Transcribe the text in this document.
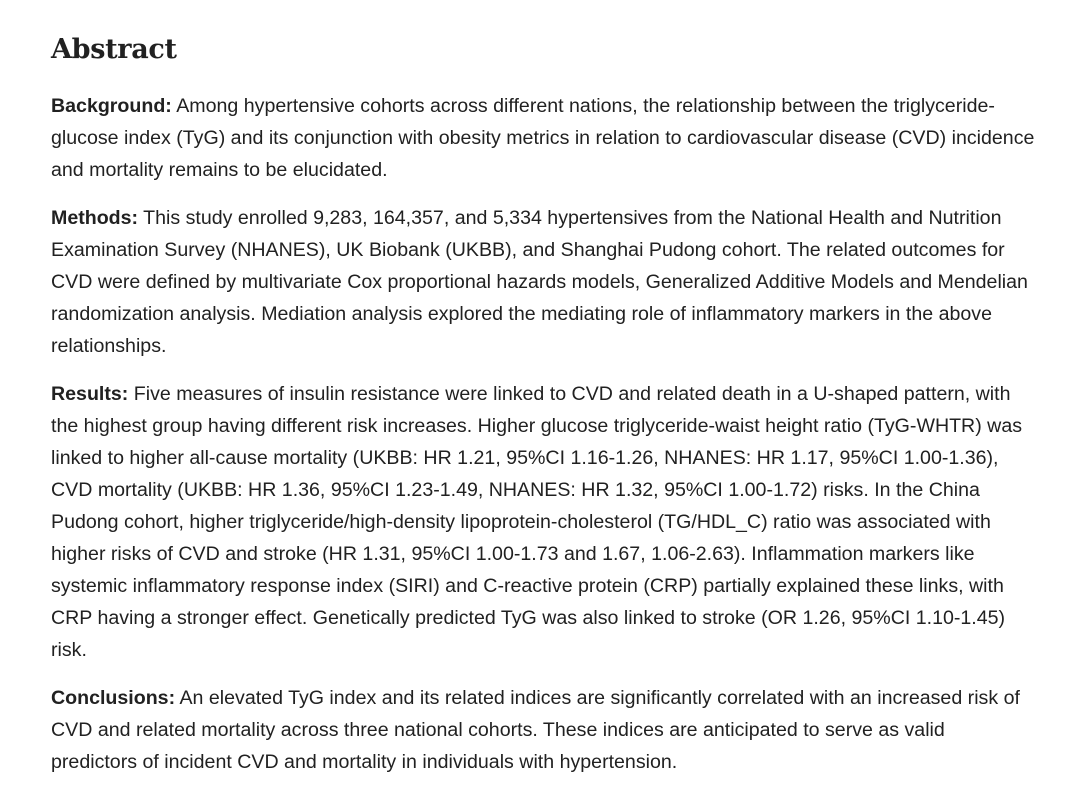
Abstract

Background: Among hypertensive cohorts across different nations, the relationship between the triglyceride-glucose index (TyG) and its conjunction with obesity metrics in relation to cardiovascular disease (CVD) incidence and mortality remains to be elucidated.

Methods: This study enrolled 9,283, 164,357, and 5,334 hypertensives from the National Health and Nutrition Examination Survey (NHANES), UK Biobank (UKBB), and Shanghai Pudong cohort. The related outcomes for CVD were defined by multivariate Cox proportional hazards models, Generalized Additive Models and Mendelian randomization analysis. Mediation analysis explored the mediating role of inflammatory markers in the above relationships.

Results: Five measures of insulin resistance were linked to CVD and related death in a U-shaped pattern, with the highest group having different risk increases. Higher glucose triglyceride-waist height ratio (TyG-WHTR) was linked to higher all-cause mortality (UKBB: HR 1.21, 95%CI 1.16-1.26, NHANES: HR 1.17, 95%CI 1.00-1.36), CVD mortality (UKBB: HR 1.36, 95%CI 1.23-1.49, NHANES: HR 1.32, 95%CI 1.00-1.72) risks. In the China Pudong cohort, higher triglyceride/high-density lipoprotein-cholesterol (TG/HDL_C) ratio was associated with higher risks of CVD and stroke (HR 1.31, 95%CI 1.00-1.73 and 1.67, 1.06-2.63). Inflammation markers like systemic inflammatory response index (SIRI) and C-reactive protein (CRP) partially explained these links, with CRP having a stronger effect. Genetically predicted TyG was also linked to stroke (OR 1.26, 95%CI 1.10-1.45) risk.

Conclusions: An elevated TyG index and its related indices are significantly correlated with an increased risk of CVD and related mortality across three national cohorts. These indices are anticipated to serve as valid predictors of incident CVD and mortality in individuals with hypertension.
